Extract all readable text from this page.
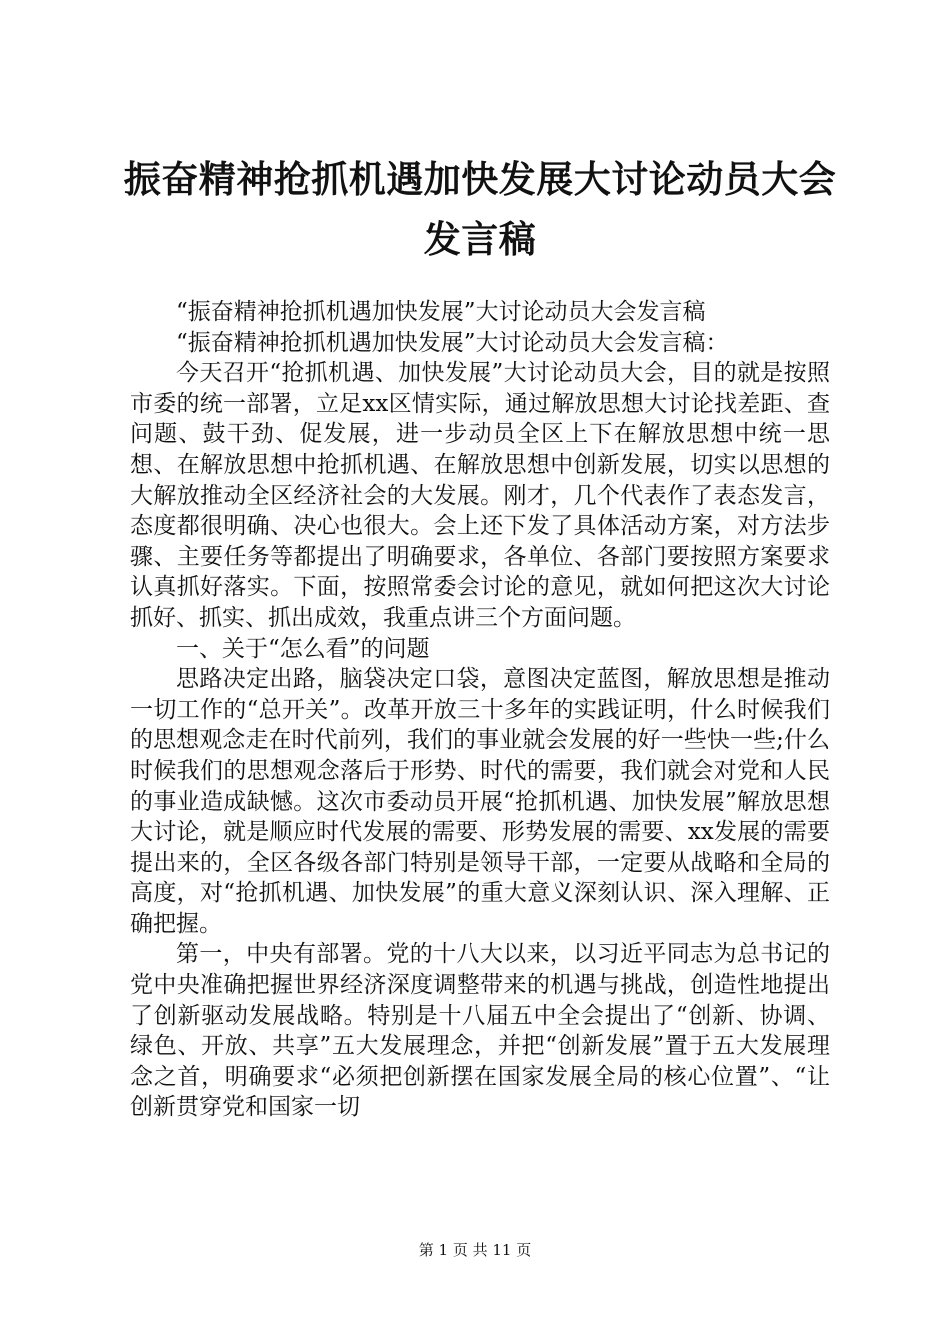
振奋精神抢抓机遇加快发展大讨论动员大会发言稿

“振奋精神抢抓机遇加快发展”大讨论动员大会发言稿

“振奋精神抢抓机遇加快发展”大讨论动员大会发言稿：

今天召开“抢抓机遇、加快发展”大讨论动员大会，目的就是按照市委的统一部署，立足xx区情实际，通过解放思想大讨论找差距、查问题、鼓干劲、促发展，进一步动员全区上下在解放思想中统一思想、在解放思想中抢抓机遇、在解放思想中创新发展，切实以思想的大解放推动全区经济社会的大发展。刚才，几个代表作了表态发言，态度都很明确、决心也很大。会上还下发了具体活动方案，对方法步骤、主要任务等都提出了明确要求，各单位、各部门要按照方案要求认真抓好落实。下面，按照常委会讨论的意见，就如何把这次大讨论抓好、抓实、抓出成效，我重点讲三个方面问题。

一、关于“怎么看”的问题

思路决定出路，脑袋决定口袋，意图决定蓝图，解放思想是推动一切工作的“总开关”。改革开放三十多年的实践证明，什么时候我们的思想观念走在时代前列，我们的事业就会发展的好一些快一些;什么时候我们的思想观念落后于形势、时代的需要，我们就会对党和人民的事业造成缺憾。这次市委动员开展“抢抓机遇、加快发展”解放思想大讨论，就是顺应时代发展的需要、形势发展的需要、xx发展的需要提出来的，全区各级各部门特别是领导干部，一定要从战略和全局的高度，对“抢抓机遇、加快发展”的重大意义深刻认识、深入理解、正确把握。

第一，中央有部署。党的十八大以来，以习近平同志为总书记的党中央准确把握世界经济深度调整带来的机遇与挑战，创造性地提出了创新驱动发展战略。特别是十八届五中全会提出了“创新、协调、绿色、开放、共享”五大发展理念，并把“创新发展”置于五大发展理念之首，明确要求“必须把创新摆在国家发展全局的核心位置”、“让创新贯穿党和国家一切

第 1 页 共 11 页
